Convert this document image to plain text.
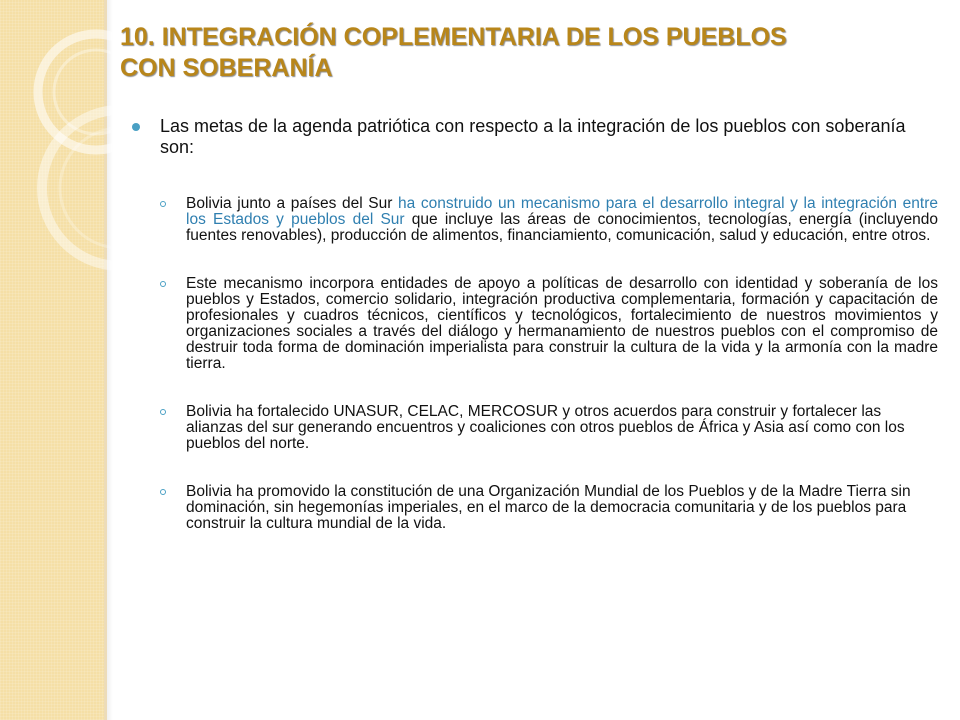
10. INTEGRACIÓN COPLEMENTARIA DE LOS PUEBLOS
CON SOBERANÍA
Las metas de la agenda patriótica con respecto a la integración de los pueblos con soberanía son:
Bolivia junto a países del Sur ha construido un mecanismo para el desarrollo integral y la integración entre los Estados y pueblos del Sur que incluye las áreas de conocimientos, tecnologías, energía (incluyendo fuentes renovables), producción de alimentos, financiamiento, comunicación, salud y educación, entre otros.
Este mecanismo incorpora entidades de apoyo a políticas de desarrollo con identidad y soberanía de los pueblos y Estados, comercio solidario, integración productiva complementaria, formación y capacitación de profesionales y cuadros técnicos, científicos y tecnológicos, fortalecimiento de nuestros movimientos y organizaciones sociales a través del diálogo y hermanamiento de nuestros pueblos con el compromiso de destruir toda forma de dominación imperialista para construir la cultura de la vida y la armonía con la madre tierra.
Bolivia ha fortalecido UNASUR, CELAC, MERCOSUR y otros acuerdos para construir y fortalecer las alianzas del sur generando encuentros y coaliciones con otros pueblos de África y Asia así como con los pueblos del norte.
Bolivia ha promovido la constitución de una Organización Mundial de los Pueblos y de la Madre Tierra sin dominación, sin hegemonías imperiales, en el marco de la democracia comunitaria y de los pueblos para construir la cultura mundial de la vida.
